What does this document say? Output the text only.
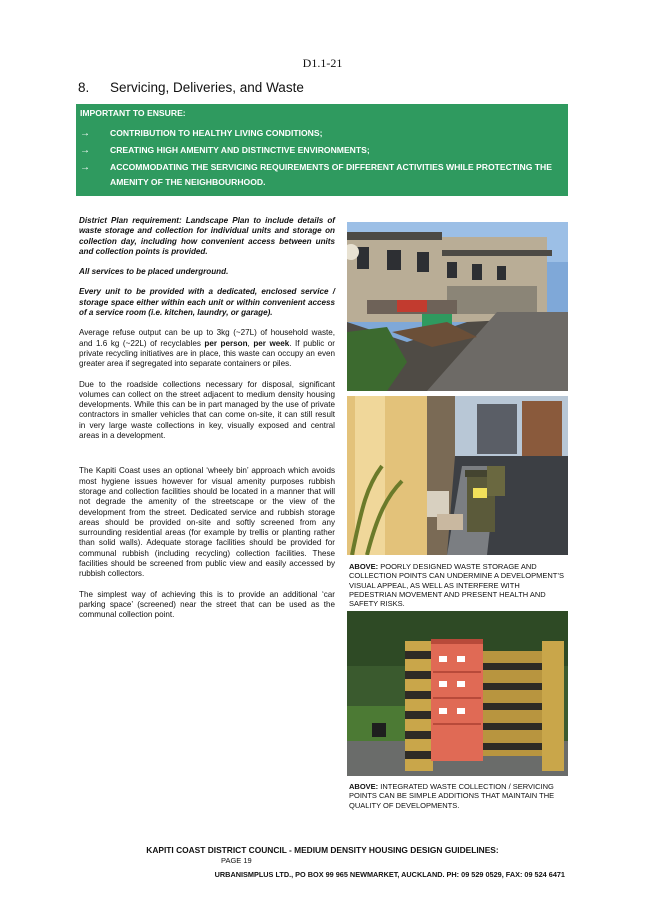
D1.1-21
8. Servicing, Deliveries, and Waste
IMPORTANT TO ENSURE:
→ CONTRIBUTION TO HEALTHY LIVING CONDITIONS;
→ CREATING HIGH AMENITY AND DISTINCTIVE ENVIRONMENTS;
→ ACCOMMODATING THE SERVICING REQUIREMENTS OF DIFFERENT ACTIVITIES WHILE PROTECTING THE AMENITY OF THE NEIGHBOURHOOD.

District Plan requirement: Landscape Plan to include details of waste storage and collection for individual units and storage on collection day, including how convenient access between units and collection points is provided.

All services to be placed underground.

Every unit to be provided with a dedicated, enclosed service / storage space either within each unit or within convenient access of a service room (i.e. kitchen, laundry, or garage).

Average refuse output can be up to 3kg (~27L) of household waste, and 1.6 kg (~22L) of recyclables per person, per week. If public or private recycling initiatives are in place, this waste can occupy an even greater area if segregated into separate containers or piles.

Due to the roadside collections necessary for disposal, significant volumes can collect on the street adjacent to medium density housing developments. While this can be in part managed by the use of private contractors in smaller vehicles that can come on-site, it can still result in very large waste collections in key, visually exposed and central areas in a development.

The Kapiti Coast uses an optional ‘wheely bin’ approach which avoids most hygiene issues however for visual amenity purposes rubbish storage and collection facilities should be located in a manner that will not degrade the amenity of the streetscape or the view of the development from the street. Dedicated service and rubbish storage areas should be provided on-site and softly screened from any surrounding residential areas (for example by trellis or planting rather than solid walls). Adequate storage facilities should be provided for communal rubbish (including recycling) collection facilities. These facilities should be screened from public view and easily accessed by rubbish collectors.

The simplest way of achieving this is to provide an additional ‘car parking space’ (screened) near the street that can be used as the communal collection point.

ABOVE: POORLY DESIGNED WASTE STORAGE AND COLLECTION POINTS CAN UNDERMINE A DEVELOPMENT’S VISUAL APPEAL, AS WELL AS INTERFERE WITH PEDESTRIAN MOVEMENT AND PRESENT HEALTH AND SAFETY RISKS.
ABOVE: INTEGRATED WASTE COLLECTION / SERVICING POINTS CAN BE SIMPLE ADDITIONS THAT MAINTAIN THE QUALITY OF DEVELOPMENTS.
KAPITI COAST DISTRICT COUNCIL - MEDIUM DENSITY HOUSING DESIGN GUIDELINES:
PAGE 19
URBANISMPLUS LTD., PO BOX 99 965 NEWMARKET, AUCKLAND. PH: 09 529 0529, FAX: 09 524 6471
